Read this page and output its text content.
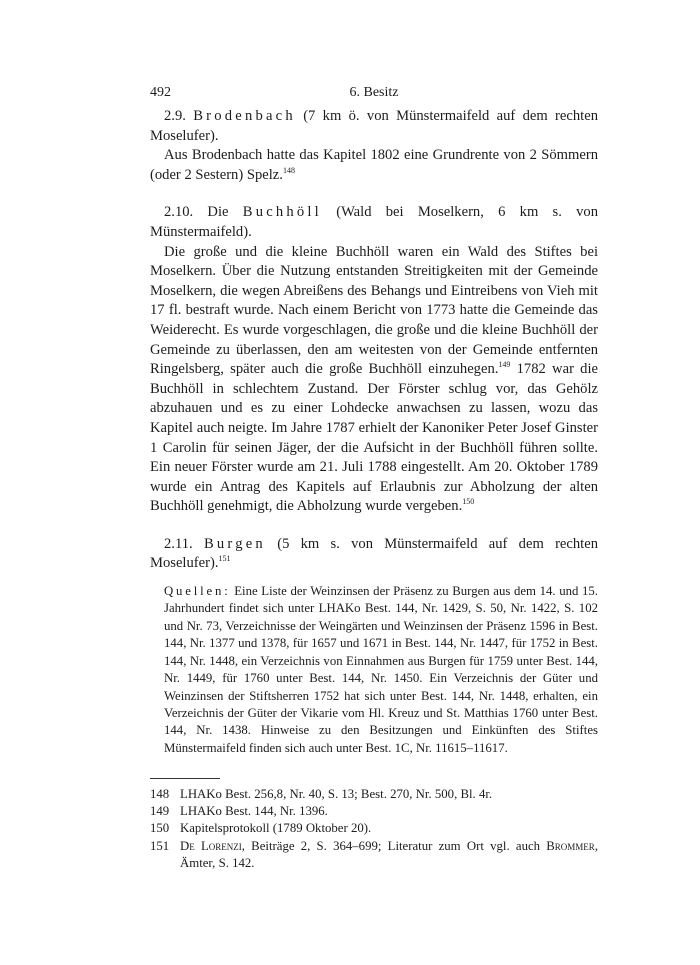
492	6. Besitz

2.9. Brodenbach (7 km ö. von Münstermaifeld auf dem rechten Moselufer).

Aus Brodenbach hatte das Kapitel 1802 eine Grundrente von 2 Sömmern (oder 2 Sestern) Spelz.$^{148}$

2.10. Die Buchhöll (Wald bei Moselkern, 6 km s. von Münstermaifeld).

Die große und die kleine Buchhöll waren ein Wald des Stiftes bei Moselkern. Über die Nutzung entstanden Streitigkeiten mit der Gemeinde Moselkern, die wegen Abreißens des Behangs und Eintreibens von Vieh mit 17 fl. bestraft wurde. Nach einem Bericht von 1773 hatte die Gemeinde das Weiderecht. Es wurde vorgeschlagen, die große und die kleine Buchhöll der Gemeinde zu überlassen, den am weitesten von der Gemeinde entfernten Ringelsberg, später auch die große Buchhöll einzuhegen.$^{149}$ 1782 war die Buchhöll in schlechtem Zustand. Der Förster schlug vor, das Gehölz abzuhauen und es zu einer Lohdecke anwachsen zu lassen, wozu das Kapitel auch neigte. Im Jahre 1787 erhielt der Kanoniker Peter Josef Ginster 1 Carolin für seinen Jäger, der die Aufsicht in der Buchhöll führen sollte. Ein neuer Förster wurde am 21. Juli 1788 eingestellt. Am 20. Oktober 1789 wurde ein Antrag des Kapitels auf Erlaubnis zur Abholzung der alten Buchhöll genehmigt, die Abholzung wurde vergeben.$^{150}$

2.11. Burgen (5 km s. von Münstermaifeld auf dem rechten Moselufer).$^{151}$

Quellen: Eine Liste der Weinzinsen der Präsenz zu Burgen aus dem 14. und 15. Jahrhundert findet sich unter LHAKo Best. 144, Nr. 1429, S. 50, Nr. 1422, S. 102 und Nr. 73, Verzeichnisse der Weingärten und Weinzinsen der Präsenz 1596 in Best. 144, Nr. 1377 und 1378, für 1657 und 1671 in Best. 144, Nr. 1447, für 1752 in Best. 144, Nr. 1448, ein Verzeichnis von Einnahmen aus Burgen für 1759 unter Best. 144, Nr. 1449, für 1760 unter Best. 144, Nr. 1450. Ein Verzeichnis der Güter und Weinzinsen der Stiftsherren 1752 hat sich unter Best. 144, Nr. 1448, erhalten, ein Verzeichnis der Güter der Vikarie vom Hl. Kreuz und St. Matthias 1760 unter Best. 144, Nr. 1438. Hinweise zu den Besitzungen und Einkünften des Stiftes Münstermaifeld finden sich auch unter Best. 1C, Nr. 11615–11617.

148 LHAKo Best. 256,8, Nr. 40, S. 13; Best. 270, Nr. 500, Bl. 4r.
149 LHAKo Best. 144, Nr. 1396.
150 Kapitelsprotokoll (1789 Oktober 20).
151 De Lorenzi, Beiträge 2, S. 364–699; Literatur zum Ort vgl. auch Brommer, Ämter, S. 142.
